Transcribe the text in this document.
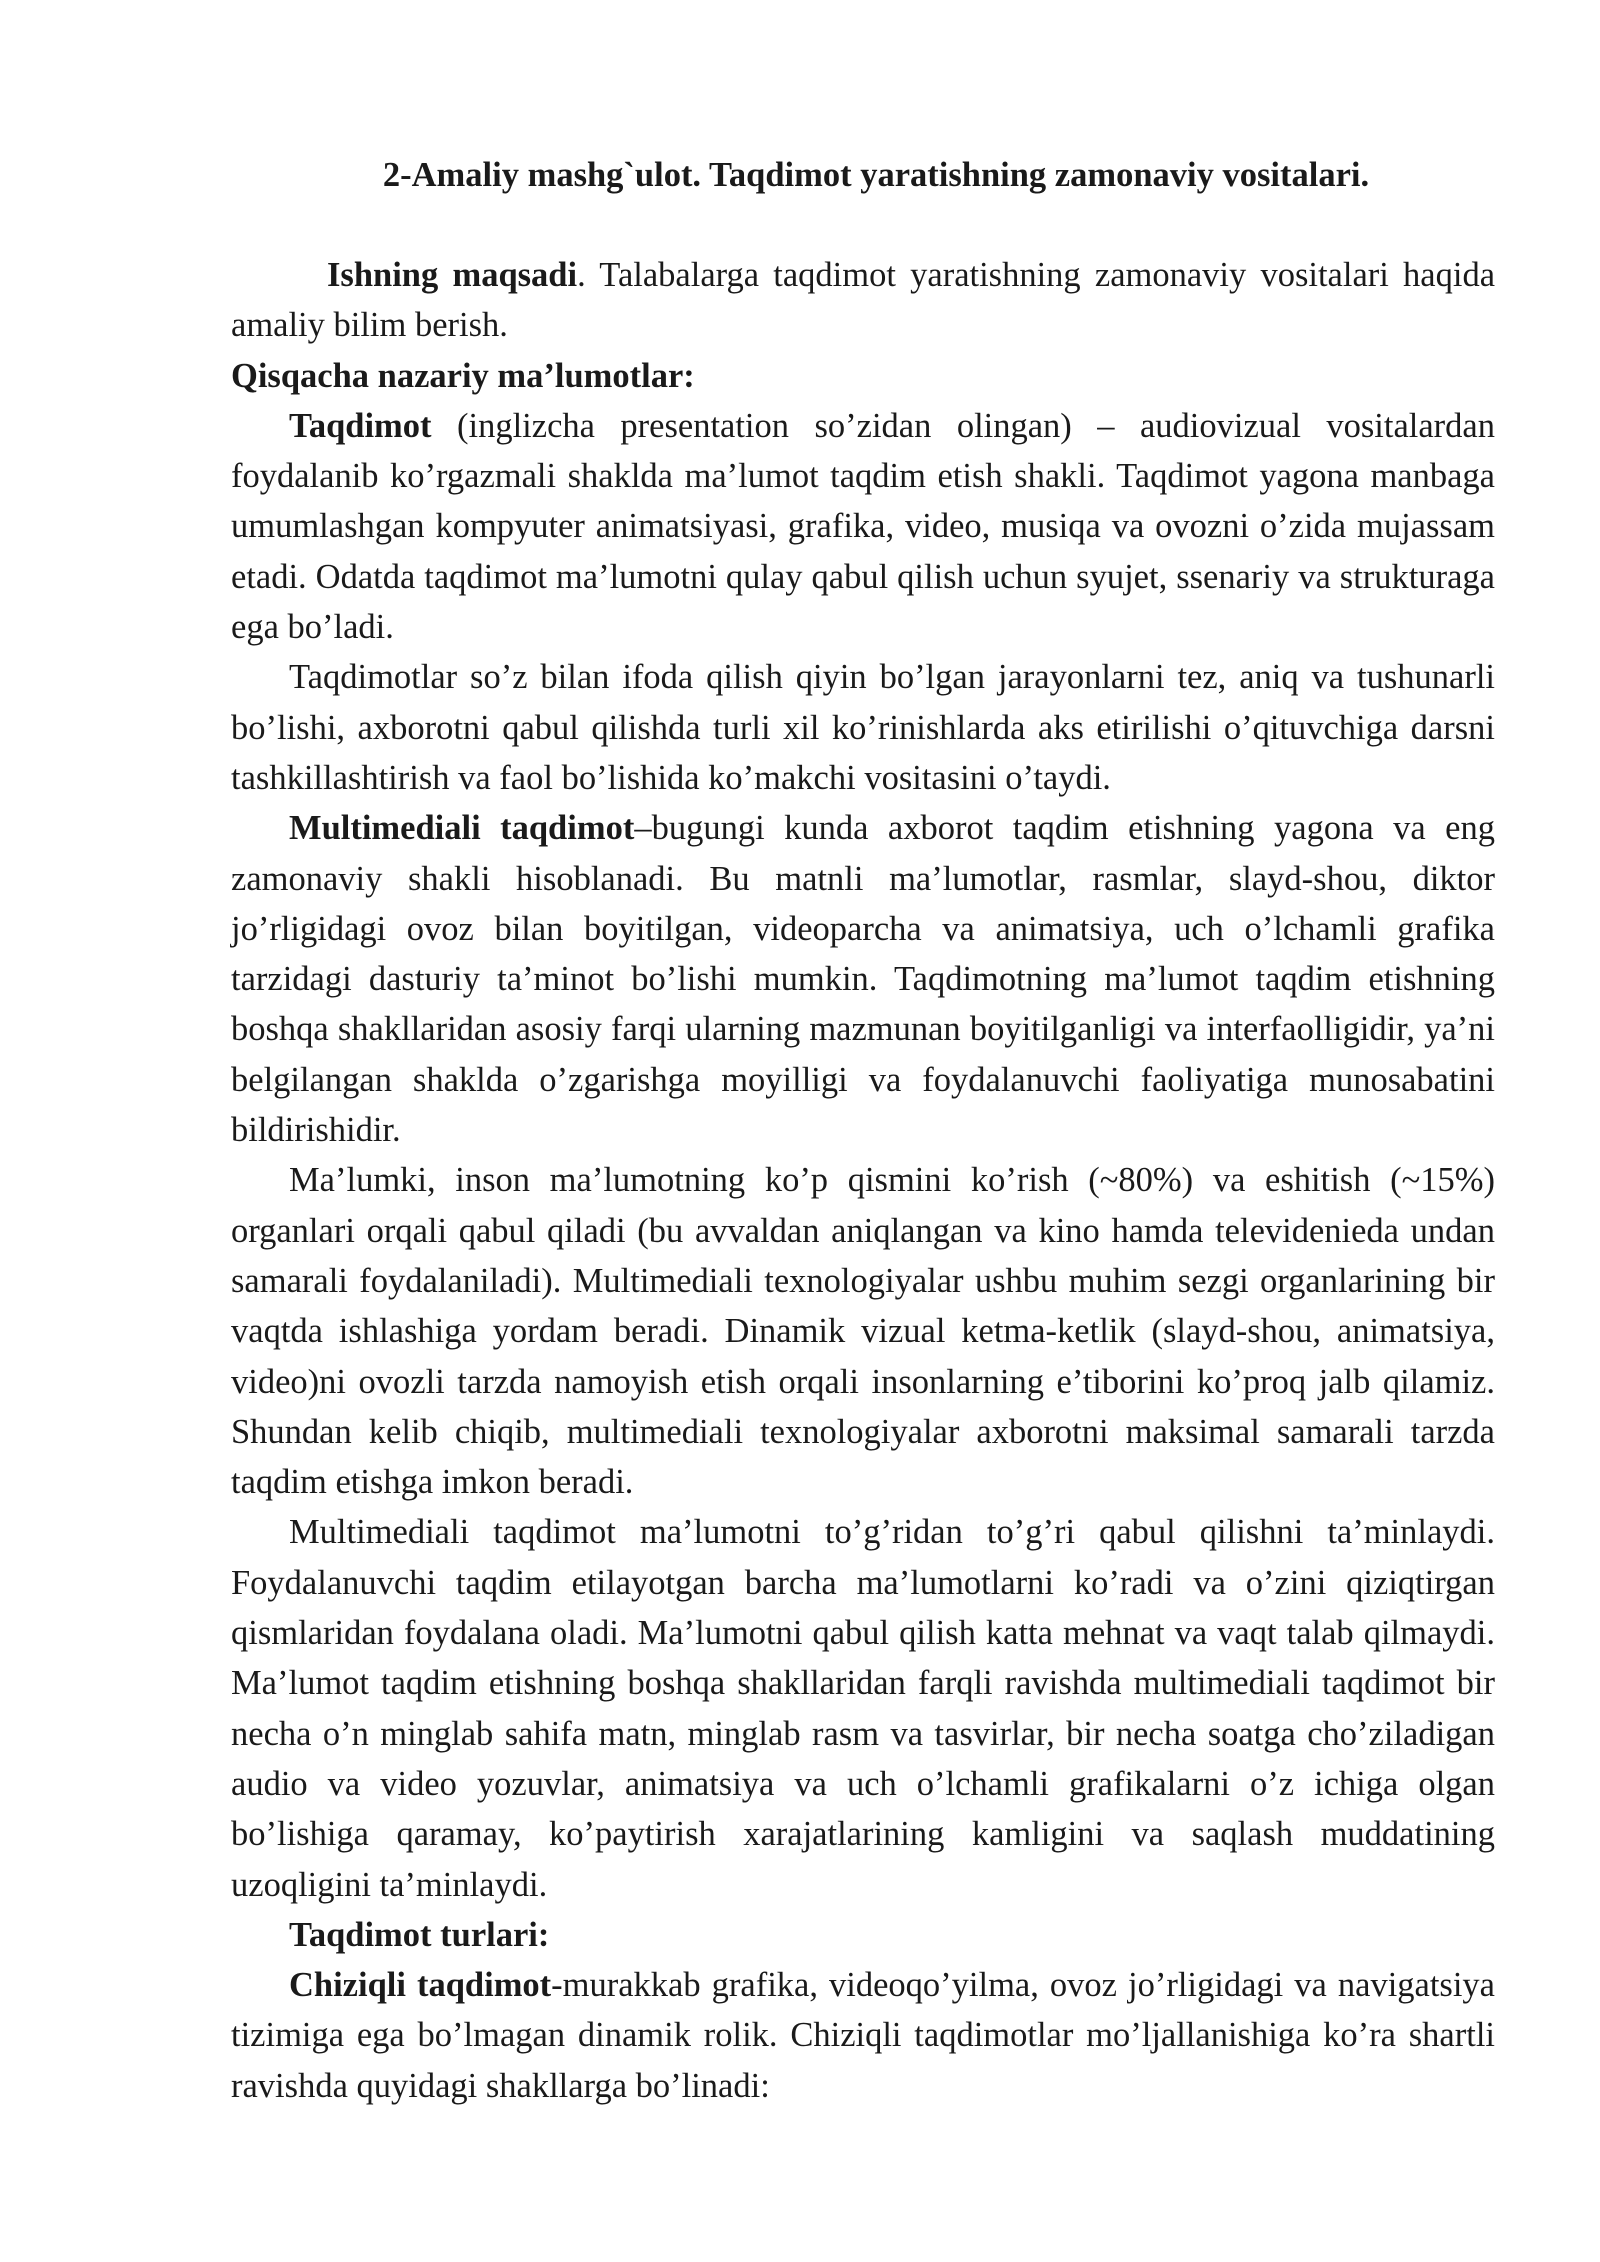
2-Amaliy mashg`ulot. Taqdimot yaratishning zamonaviy vositalari.

Ishning maqsadi. Talabalarga taqdimot yaratishning zamonaviy vositalari haqida amaliy bilim berish.

Qisqacha nazariy ma’lumotlar:

Taqdimot (inglizcha presentation so’zidan olingan) – audiovizual vositalardan foydalanib ko’rgazmali shaklda ma’lumot taqdim etish shakli. Taqdimot yagona manbaga umumlashgan kompyuter animatsiyasi, grafika, video, musiqa va ovozni o’zida mujassam etadi. Odatda taqdimot ma’lumotni qulay qabul qilish uchun syujet, ssenariy va strukturaga ega bo’ladi.

Taqdimotlar so’z bilan ifoda qilish qiyin bo’lgan jarayonlarni tez, aniq va tushunarli bo’lishi, axborotni qabul qilishda turli xil ko’rinishlarda aks etirilishi o’qituvchiga darsni tashkillashtirish va faol bo’lishida ko’makchi vositasini o’taydi.

Multimediali taqdimot–bugungi kunda axborot taqdim etishning yagona va eng zamonaviy shakli hisoblanadi. Bu matnli ma’lumotlar, rasmlar, slayd-shou, diktor jo’rligidagi ovoz bilan boyitilgan, videoparcha va animatsiya, uch o’lchamli grafika tarzidagi dasturiy ta’minot bo’lishi mumkin. Taqdimotning ma’lumot taqdim etishning boshqa shakllaridan asosiy farqi ularning mazmunan boyitilganligi va interfaolligidir, ya’ni belgilangan shaklda o’zgarishga moyilligi va foydalanuvchi faoliyatiga munosabatini bildirishidir.

Ma’lumki, inson ma’lumotning ko’p qismini ko’rish (~80%) va eshitish (~15%) organlari orqali qabul qiladi (bu avvaldan aniqlangan va kino hamda televidenieda undan samarali foydalaniladi). Multimediali texnologiyalar ushbu muhim sezgi organlarining bir vaqtda ishlashiga yordam beradi. Dinamik vizual ketma-ketlik (slayd-shou, animatsiya, video)ni ovozli tarzda namoyish etish orqali insonlarning e’tiborini ko’proq jalb qilamiz. Shundan kelib chiqib, multimediali texnologiyalar axborotni maksimal samarali tarzda taqdim etishga imkon beradi.

Multimediali taqdimot ma’lumotni to’g’ridan to’g’ri qabul qilishni ta’minlaydi. Foydalanuvchi taqdim etilayotgan barcha ma’lumotlarni ko’radi va o’zini qiziqtirgan qismlaridan foydalana oladi. Ma’lumotni qabul qilish katta mehnat va vaqt talab qilmaydi. Ma’lumot taqdim etishning boshqa shakllaridan farqli ravishda multimediali taqdimot bir necha o’n minglab sahifa matn, minglab rasm va tasvirlar, bir necha soatga cho’ziladigan audio va video yozuvlar, animatsiya va uch o’lchamli grafikalarni o’z ichiga olgan bo’lishiga qaramay, ko’paytirish xarajatlarining kamligini va saqlash muddatining uzoqligini ta’minlaydi.

Taqdimot turlari:

Chiziqli taqdimot-murakkab grafika, videoqo’yilma, ovoz jo’rligidagi va navigatsiya tizimiga ega bo’lmagan dinamik rolik. Chiziqli taqdimotlar mo’ljallanishiga ko’ra shartli ravishda quyidagi shakllarga bo’linadi:
